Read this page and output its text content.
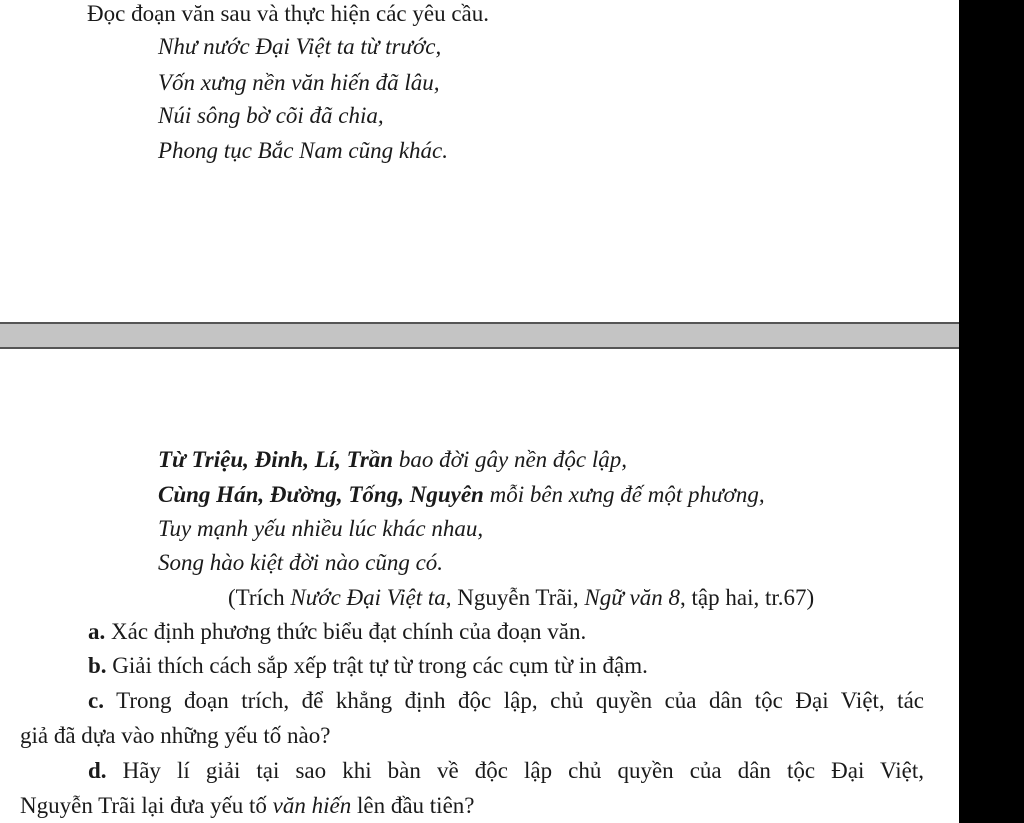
Đọc đoạn văn sau và thực hiện các yêu cầu.
Như nước Đại Việt ta từ trước,
Vốn xưng nền văn hiến đã lâu,
Núi sông bờ cõi đã chia,
Phong tục Bắc Nam cũng khác.
Từ Triệu, Đinh, Lí, Trần bao đời gây nền độc lập,
Cùng Hán, Đường, Tống, Nguyên mỗi bên xưng đế một phương,
Tuy mạnh yếu nhiều lúc khác nhau,
Song hào kiệt đời nào cũng có.
(Trích Nước Đại Việt ta, Nguyễn Trãi, Ngữ văn 8, tập hai, tr.67)
a. Xác định phương thức biểu đạt chính của đoạn văn.
b. Giải thích cách sắp xếp trật tự từ trong các cụm từ in đậm.
c. Trong đoạn trích, để khẳng định độc lập, chủ quyền của dân tộc Đại Việt, tác
giả đã dựa vào những yếu tố nào?
d. Hãy lí giải tại sao khi bàn về độc lập chủ quyền của dân tộc Đại Việt,
Nguyễn Trãi lại đưa yếu tố văn hiến lên đầu tiên?
